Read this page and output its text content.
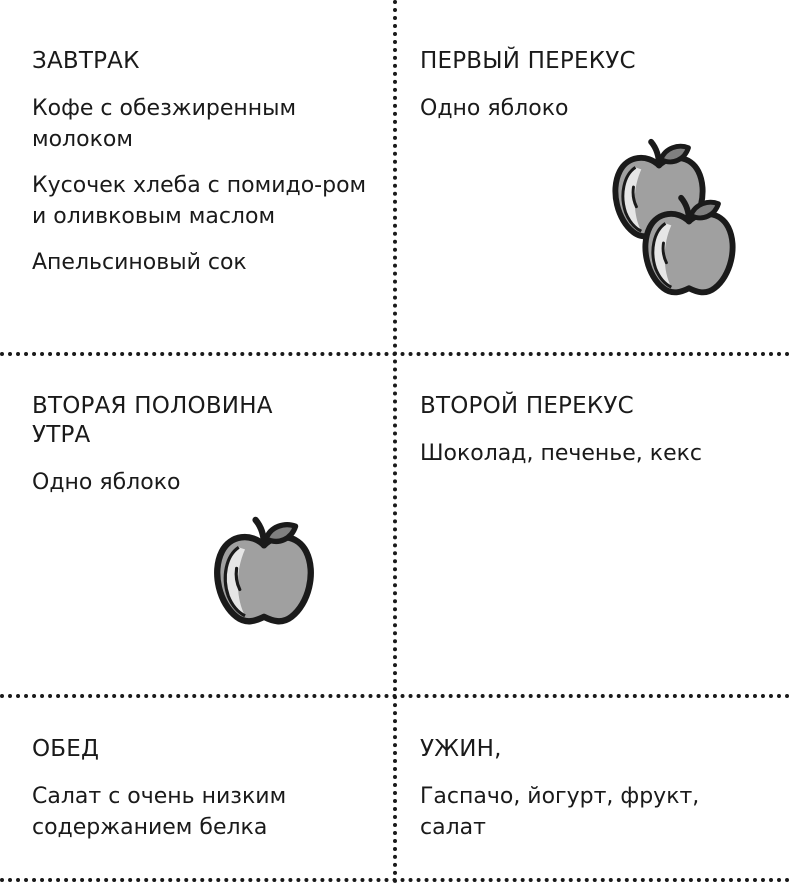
ЗАВТРАК
Кофе с обезжиренным молоком
Кусочек хлеба с помидо-ром и оливковым маслом
Апельсиновый сок
ПЕРВЫЙ ПЕРЕКУС
Одно яблоко
ВТОРАЯ ПОЛОВИНА УТРА
Одно яблоко
ВТОРОЙ ПЕРЕКУС
Шоколад, печенье, кекс
ОБЕД
Салат с очень низким содержанием белка
УЖИН,
Гаспачо, йогурт, фрукт, салат
